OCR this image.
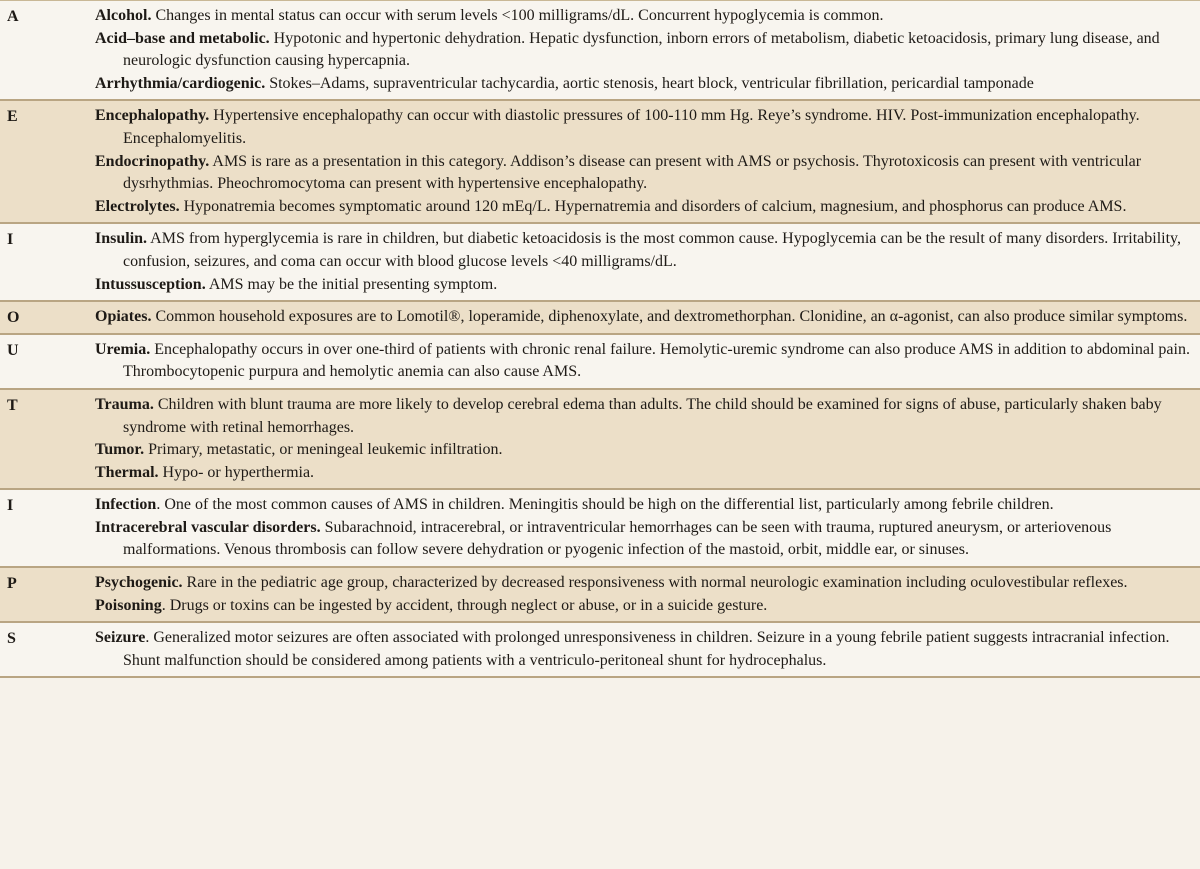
A	Alcohol. Changes in mental status can occur with serum levels <100 milligrams/dL. Concurrent hypoglycemia is common.
Acid–base and metabolic. Hypotonic and hypertonic dehydration. Hepatic dysfunction, inborn errors of metabolism, diabetic ketoacidosis, primary lung disease, and neurologic dysfunction causing hypercapnia.
Arrhythmia/cardiogenic. Stokes–Adams, supraventricular tachycardia, aortic stenosis, heart block, ventricular fibrillation, pericardial tamponade
E	Encephalopathy. Hypertensive encephalopathy can occur with diastolic pressures of 100-110 mm Hg. Reye’s syndrome. HIV. Post-immunization encephalopathy. Encephalomyelitis.
Endocrinopathy. AMS is rare as a presentation in this category. Addison’s disease can present with AMS or psychosis. Thyrotoxicosis can present with ventricular dysrhythmias. Pheochromocytoma can present with hypertensive encephalopathy.
Electrolytes. Hyponatremia becomes symptomatic around 120 mEq/L. Hypernatremia and disorders of calcium, magnesium, and phosphorus can produce AMS.
I	Insulin. AMS from hyperglycemia is rare in children, but diabetic ketoacidosis is the most common cause. Hypoglycemia can be the result of many disorders. Irritability, confusion, seizures, and coma can occur with blood glucose levels <40 milligrams/dL.
Intussusception. AMS may be the initial presenting symptom.
O	Opiates. Common household exposures are to Lomotil®, loperamide, diphenoxylate, and dextromethorphan. Clonidine, an α-agonist, can also produce similar symptoms.
U	Uremia. Encephalopathy occurs in over one-third of patients with chronic renal failure. Hemolytic-uremic syndrome can also produce AMS in addition to abdominal pain. Thrombocytopenic purpura and hemolytic anemia can also cause AMS.
T	Trauma. Children with blunt trauma are more likely to develop cerebral edema than adults. The child should be examined for signs of abuse, particularly shaken baby syndrome with retinal hemorrhages.
Tumor. Primary, metastatic, or meningeal leukemic infiltration.
Thermal. Hypo- or hyperthermia.
I	Infection. One of the most common causes of AMS in children. Meningitis should be high on the differential list, particularly among febrile children.
Intracerebral vascular disorders. Subarachnoid, intracerebral, or intraventricular hemorrhages can be seen with trauma, ruptured aneurysm, or arteriovenous malformations. Venous thrombosis can follow severe dehydration or pyogenic infection of the mastoid, orbit, middle ear, or sinuses.
P	Psychogenic. Rare in the pediatric age group, characterized by decreased responsiveness with normal neurologic examination including oculovestibular reflexes.
Poisoning. Drugs or toxins can be ingested by accident, through neglect or abuse, or in a suicide gesture.
S	Seizure. Generalized motor seizures are often associated with prolonged unresponsiveness in children. Seizure in a young febrile patient suggests intracranial infection. Shunt malfunction should be considered among patients with a ventriculo-peritoneal shunt for hydrocephalus.
